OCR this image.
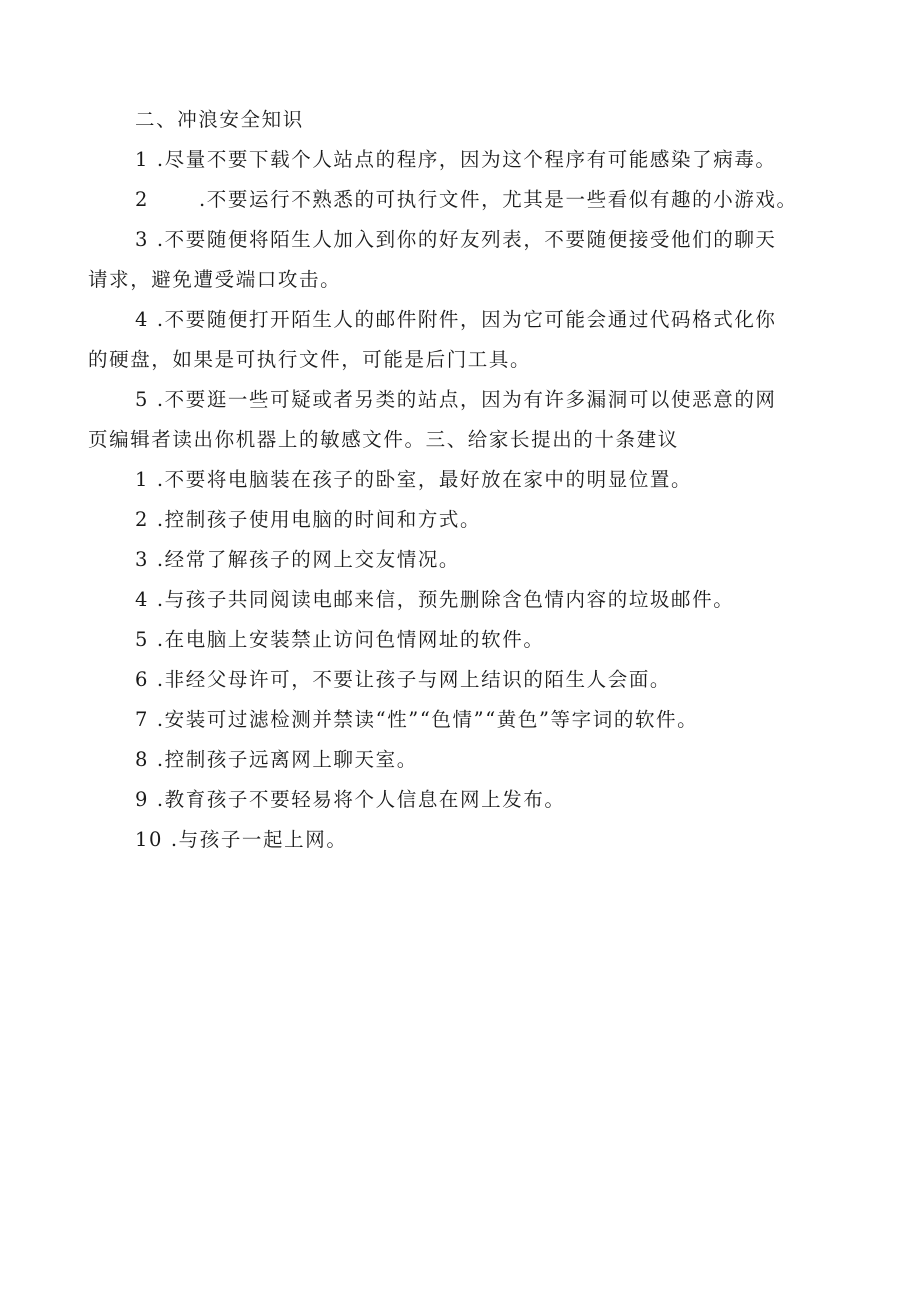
二、冲浪安全知识
1 .尽量不要下载个人站点的程序，因为这个程序有可能感染了病毒。
2	.不要运行不熟悉的可执行文件，尤其是一些看似有趣的小游戏。
3 .不要随便将陌生人加入到你的好友列表，不要随便接受他们的聊天
请求，避免遭受端口攻击。
4 .不要随便打开陌生人的邮件附件，因为它可能会通过代码格式化你
的硬盘，如果是可执行文件，可能是后门工具。
5 .不要逛一些可疑或者另类的站点，因为有许多漏洞可以使恶意的网
页编辑者读出你机器上的敏感文件。三、给家长提出的十条建议
1 .不要将电脑装在孩子的卧室，最好放在家中的明显位置。
2 .控制孩子使用电脑的时间和方式。
3 .经常了解孩子的网上交友情况。
4 .与孩子共同阅读电邮来信，预先删除含色情内容的垃圾邮件。
5 .在电脑上安装禁止访问色情网址的软件。
6 .非经父母许可，不要让孩子与网上结识的陌生人会面。
7 .安装可过滤检测并禁读“性”“色情”“黄色”等字词的软件。
8 .控制孩子远离网上聊天室。
9 .教育孩子不要轻易将个人信息在网上发布。
10 .与孩子一起上网。
